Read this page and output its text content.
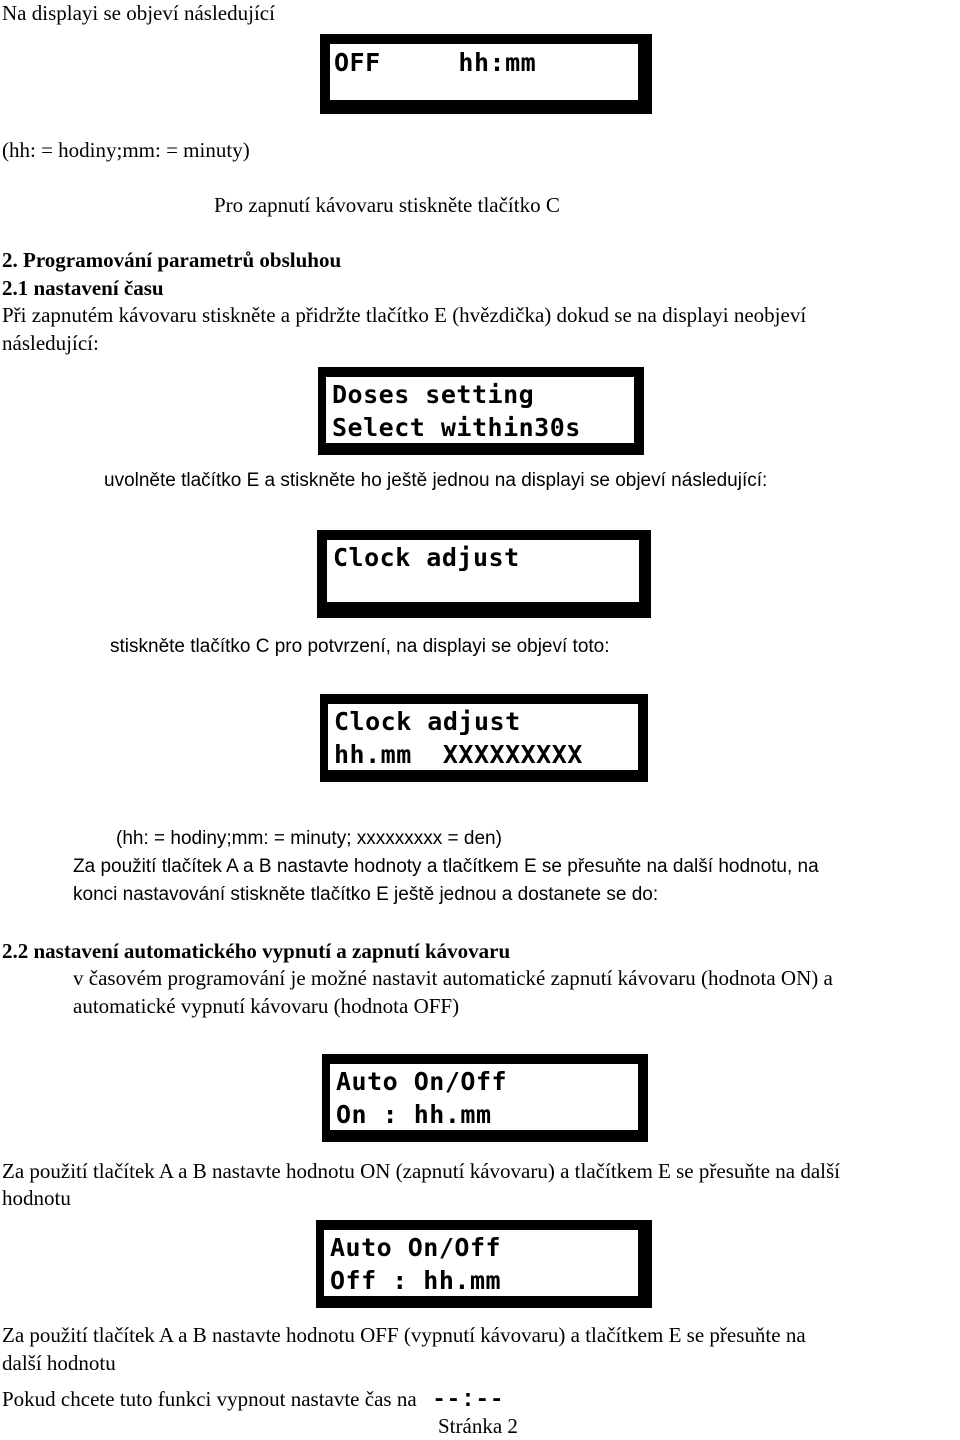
Na displayi se objeví následující
OFF     hh:mm
(hh: = hodiny;mm: = minuty)
Pro zapnutí kávovaru stiskněte tlačítko C
2. Programování parametrů obsluhou
2.1 nastavení času
Při zapnutém kávovaru stiskněte a přidržte tlačítko E (hvězdička) dokud se na displayi neobjeví
následující:
Doses setting
Select within30s
uvolněte tlačítko E a stiskněte ho ještě jednou na displayi se objeví následující:
Clock adjust
stiskněte tlačítko C pro potvrzení, na displayi se objeví toto:
Clock adjust
hh.mm  XXXXXXXXX
(hh: = hodiny;mm: = minuty; xxxxxxxxx = den)
Za použití tlačítek A a B nastavte hodnoty a tlačítkem E se přesuňte na další hodnotu, na
konci nastavování stiskněte tlačítko E ještě jednou a dostanete se do:
2.2 nastavení automatického vypnutí a zapnutí kávovaru
v časovém programování je možné nastavit automatické zapnutí kávovaru (hodnota ON) a
automatické vypnutí kávovaru (hodnota OFF)
Auto On/Off
On : hh.mm
Za použití tlačítek A a B nastavte hodnotu ON (zapnutí kávovaru) a tlačítkem E se přesuňte na další
hodnotu
Auto On/Off
Off : hh.mm
Za použití tlačítek A a B nastavte hodnotu OFF (vypnutí kávovaru) a tlačítkem E se přesuňte na
další hodnotu
Pokud chcete tuto funkci vypnout nastavte čas na --:--
Stránka 2
